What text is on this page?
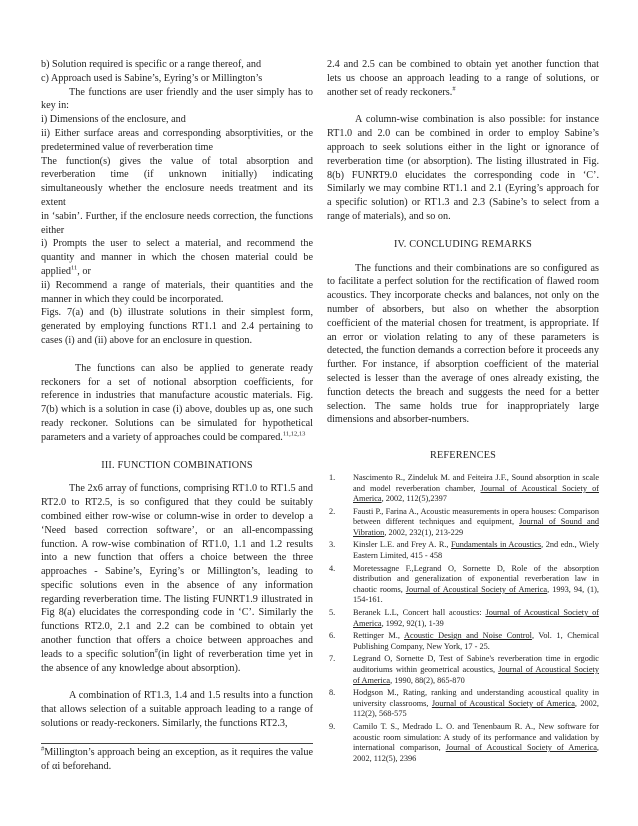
b) Solution required is specific or a range thereof, and

c) Approach used is Sabine’s, Eyring’s or Millington’s

The functions are user friendly and the user simply has to key in:

i) Dimensions of the enclosure, and

ii) Either surface areas and corresponding absorptivities, or the predetermined value of reverberation time

The function(s) gives the value of total absorption and reverberation time (if unknown initially) indicating simultaneously whether the enclosure needs treatment and its extent

in ‘sabin’. Further, if the enclosure needs correction, the functions either

i) Prompts the user to select a material, and recommend the quantity and manner in which the chosen material could be applied$^{11}$, or

ii) Recommend a range of materials, their quantities and the manner in which they could be incorporated.

Figs. 7(a) and (b) illustrate solutions in their simplest form, generated by employing functions RT1.1 and 2.4 pertaining to cases (i) and (ii) above for an enclosure in question.

The functions can also be applied to generate ready reckoners for a set of notional absorption coefficients, for reference in industries that manufacture acoustic materials. Fig. 7(b) which is a solution in case (i) above, doubles up as, one such ready reckoner. Solutions can be simulated for hypothetical parameters and a variety of approaches could be compared.$^{11,12,13}$

III. FUNCTION COMBINATIONS

The 2x6 array of functions, comprising RT1.0 to RT1.5 and RT2.0 to RT2.5, is so configured that they could be suitably combined either row-wise or column-wise in order to develop a ‘Need based correction software’, or an all-encompassing function. A row-wise combination of RT1.0, 1.1 and 1.2 results into a new function that offers a choice between the three approaches - Sabine’s, Eyring’s or Millington’s, leading to specific solutions even in the absence of any information regarding reverberation time. The listing FUNRT1.9 illustrated in Fig 8(a) elucidates the corresponding code in ‘C’. Similarly the functions RT2.0, 2.1 and 2.2 can be combined to obtain yet another function that offers a choice between approaches and leads to a specific solution#(in light of reverberation time yet in the absence of any knowledge about absorption).

A combination of RT1.3, 1.4 and 1.5 results into a function that allows selection of a suitable approach leading to a range of solutions or ready-reckoners. Similarly, the functions RT2.3,

#Millington’s approach being an exception, as it requires the value of αi beforehand.

2.4 and 2.5 can be combined to obtain yet another function that lets us choose an approach leading to a range of solutions, or another set of ready reckoners.#

A column-wise combination is also possible: for instance RT1.0 and 2.0 can be combined in order to employ Sabine’s approach to seek solutions either in the light or ignorance of reverberation time (or absorption). The listing illustrated in Fig. 8(b) FUNRT9.0 elucidates the corresponding code in ‘C’. Similarly we may combine RT1.1 and 2.1 (Eyring’s approach for a specific solution) or RT1.3 and 2.3 (Sabine’s to select from a range of materials), and so on.

IV. CONCLUDING REMARKS

The functions and their combinations are so configured as to facilitate a perfect solution for the rectification of flawed room acoustics. They incorporate checks and balances, not only on the number of absorbers, but also on whether the absorption coefficient of the material chosen for treatment, is appropriate. If an error or violation relating to any of these parameters is detected, the function demands a correction before it proceeds any further. For instance, if absorption coefficient of the material selected is lesser than the average of ones already existing, the function detects the breach and suggests the need for a better selection. The same holds true for inappropriately large dimensions and absorber-numbers.

REFERENCES

1.	Nascimento R., Zindeluk M. and Feiteira J.F., Sound absorption in scale and model reverberation chamber, Journal of Acoustical Society of America, 2002, 112(5),2397
2.	Fausti P., Farina A., Acoustic measurements in opera houses: Comparison between different techniques and equipment, Journal of Sound and Vibration, 2002, 232(1), 213-229
3.	Kinsler L.E. and Frey A. R., Fundamentals in Acoustics, 2nd edn., Wiely Eastern Limited, 415 - 458
4.	Moretessagne F.,Legrand O, Sornette D, Role of the absorption distribution and generalization of exponential reverberation law in chaotic rooms, Journal of Acoustical Society of America, 1993, 94, (1), 154-161.
5.	Beranek L.L, Concert hall acoustics: Journal of Acoustical Society of America, 1992, 92(1), 1-39
6.	Rettinger M., Acoustic Design and Noise Control, Vol. 1, Chemical Publishing Company, New York, 17 - 25.
7.	Legrand O, Sornette D, Test of Sabine's reverberation time in ergodic auditoriums within geometrical acoustics, Journal of Acoustical Society of America, 1990, 88(2), 865-870
8.	Hodgson M., Rating, ranking and understanding acoustical quality in university classrooms, Journal of Acoustical Society of America, 2002, 112(2), 568-575
9.	Camilo T. S., Medrado L. O. and Tenenbaum R. A., New software for acoustic room simulation: A study of its performance and validation by international comparison, Journal of Acoustical Society of America, 2002, 112(5), 2396
